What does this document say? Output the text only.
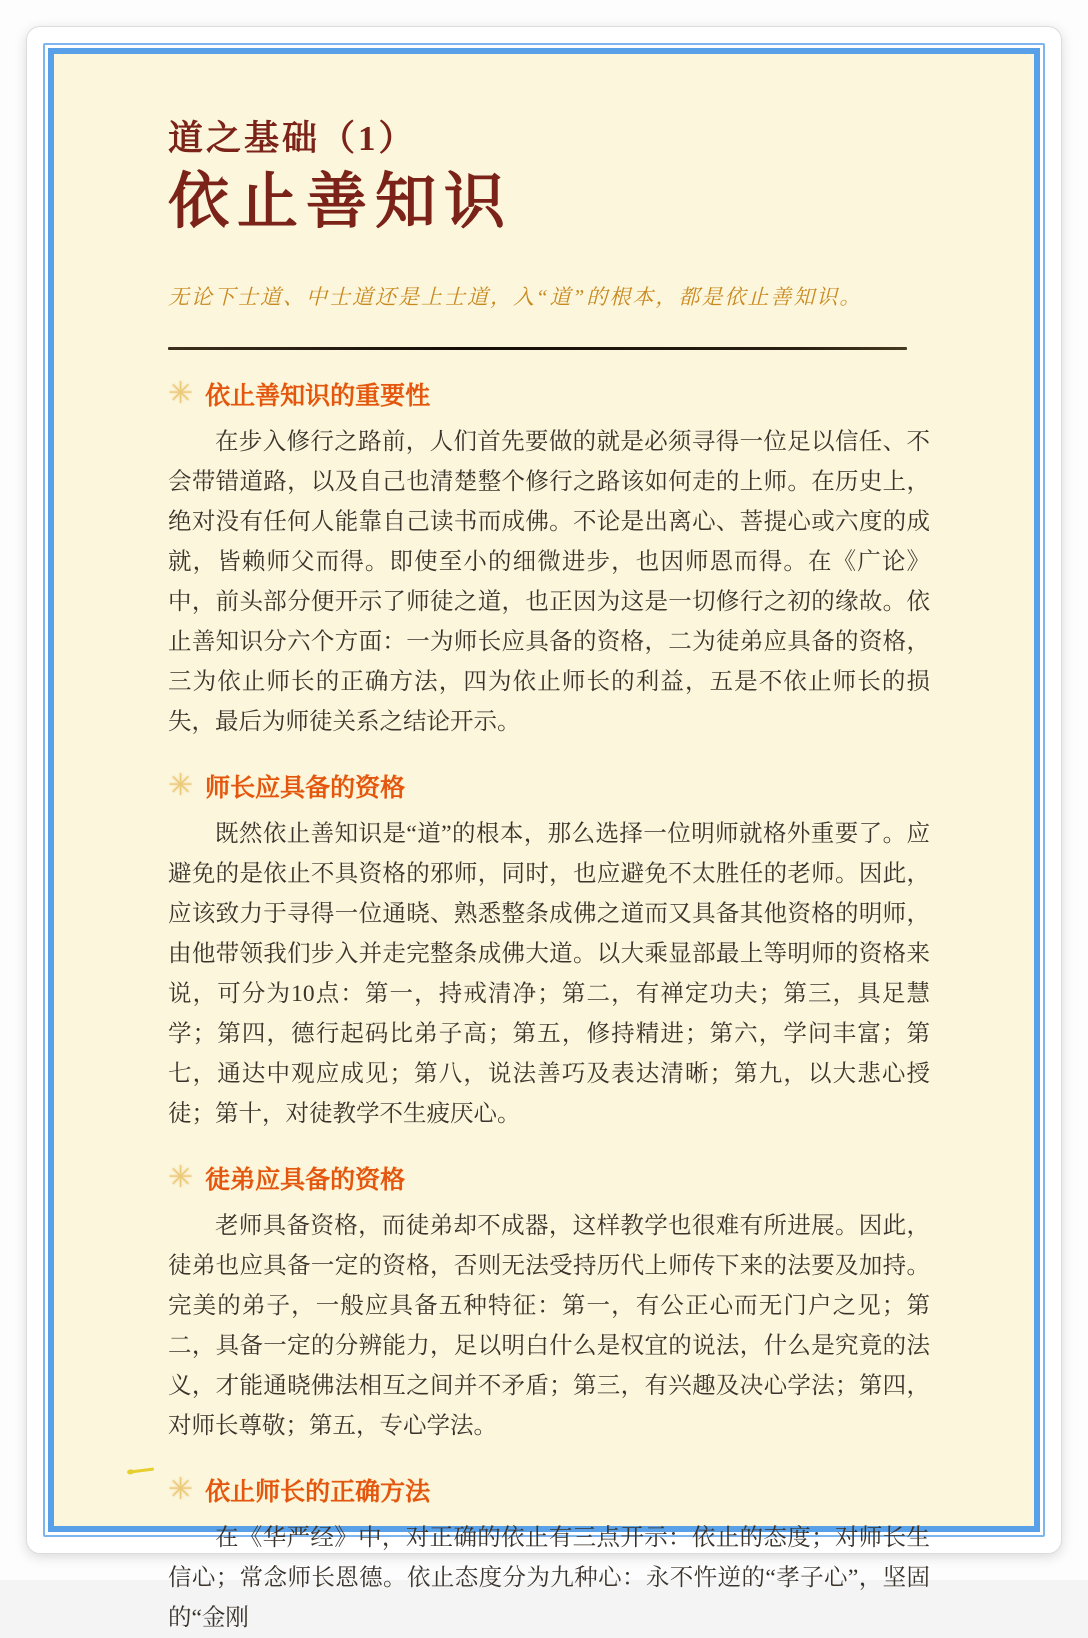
道之基础（1）
依止善知识
无论下士道、中士道还是上士道，入“道”的根本，都是依止善知识。
✳ 依止善知识的重要性

在步入修行之路前，人们首先要做的就是必须寻得一位足以信任、不会带错道路，以及自己也清楚整个修行之路该如何走的上师。在历史上，绝对没有任何人能靠自己读书而成佛。不论是出离心、菩提心或六度的成就，皆赖师父而得。即使至小的细微进步，也因师恩而得。在《广论》中，前头部分便开示了师徒之道，也正因为这是一切修行之初的缘故。依止善知识分六个方面：一为师长应具备的资格，二为徒弟应具备的资格，三为依止师长的正确方法，四为依止师长的利益，五是不依止师长的损失，最后为师徒关系之结论开示。

✳ 师长应具备的资格

既然依止善知识是“道”的根本，那么选择一位明师就格外重要了。应避免的是依止不具资格的邪师，同时，也应避免不太胜任的老师。因此，应该致力于寻得一位通晓、熟悉整条成佛之道而又具备其他资格的明师，由他带领我们步入并走完整条成佛大道。以大乘显部最上等明师的资格来说，可分为10点：第一，持戒清净；第二，有禅定功夫；第三，具足慧学；第四，德行起码比弟子高；第五，修持精进；第六，学问丰富；第七，通达中观应成见；第八，说法善巧及表达清晰；第九，以大悲心授徒；第十，对徒教学不生疲厌心。

✳ 徒弟应具备的资格

老师具备资格，而徒弟却不成器，这样教学也很难有所进展。因此，徒弟也应具备一定的资格，否则无法受持历代上师传下来的法要及加持。完美的弟子，一般应具备五种特征：第一，有公正心而无门户之见；第二，具备一定的分辨能力，足以明白什么是权宜的说法，什么是究竟的法义，才能通晓佛法相互之间并不矛盾；第三，有兴趣及决心学法；第四，对师长尊敬；第五，专心学法。

✳ 依止师长的正确方法

在《华严经》中，对正确的依止有三点开示：依止的态度；对师长生信心；常念师长恩德。依止态度分为九种心：永不忤逆的“孝子心”，坚固的“金刚
